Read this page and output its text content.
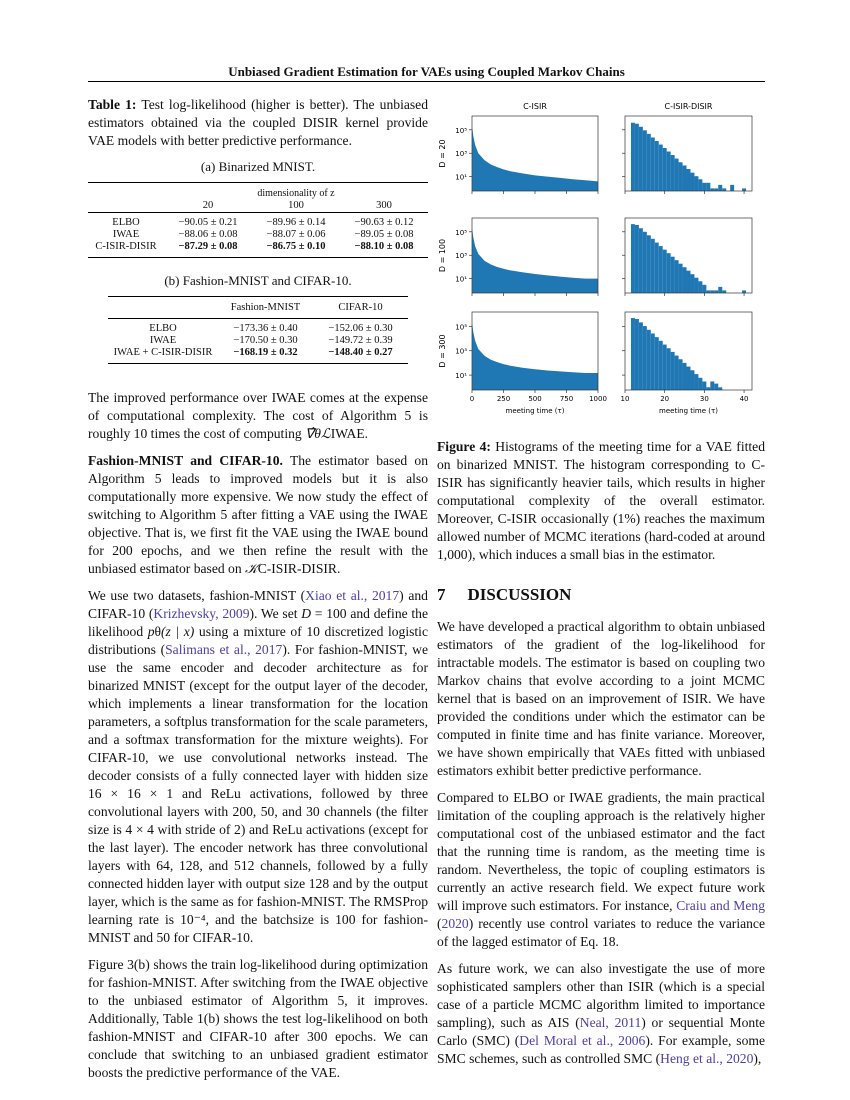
Unbiased Gradient Estimation for VAEs using Coupled Markov Chains
Table 1: Test log-likelihood (higher is better). The unbiased estimators obtained via the coupled DISIR kernel provide VAE models with better predictive performance.
(a) Binarized MNIST.
	dimensionality of z		
	20	100	300
ELBO	−90.05 ± 0.21	−89.96 ± 0.14	−90.63 ± 0.12
IWAE	−88.06 ± 0.08	−88.07 ± 0.06	−89.05 ± 0.08
C-ISIR-DISIR	−87.29 ± 0.08	−86.75 ± 0.10	−88.10 ± 0.08
(b) Fashion-MNIST and CIFAR-10.
	Fashion-MNIST	CIFAR-10
ELBO	−173.36 ± 0.40	−152.06 ± 0.30
IWAE	−170.50 ± 0.30	−149.72 ± 0.39
IWAE + C-ISIR-DISIR	−168.19 ± 0.32	−148.40 ± 0.27

The improved performance over IWAE comes at the expense of computational complexity. The cost of Algorithm 5 is roughly 10 times the cost of computing ∇̂θℒIWAE.

Fashion-MNIST and CIFAR-10. The estimator based on Algorithm 5 leads to improved models but it is also computationally more expensive. We now study the effect of switching to Algorithm 5 after fitting a VAE using the IWAE objective. That is, we first fit the VAE using the IWAE bound for 200 epochs, and we then refine the result with the unbiased estimator based on 𝒦C-ISIR-DISIR.

We use two datasets, fashion-MNIST (Xiao et al., 2017) and CIFAR-10 (Krizhevsky, 2009). We set D = 100 and define the likelihood pθ(z | x) using a mixture of 10 discretized logistic distributions (Salimans et al., 2017). For fashion-MNIST, we use the same encoder and decoder architecture as for binarized MNIST (except for the output layer of the decoder, which implements a linear transformation for the location parameters, a softplus transformation for the scale parameters, and a softmax transformation for the mixture weights). For CIFAR-10, we use convolutional networks instead. The decoder consists of a fully connected layer with hidden size 16 × 16 × 1 and ReLu activations, followed by three convolutional layers with 200, 50, and 30 channels (the filter size is 4 × 4 with stride of 2) and ReLu activations (except for the last layer). The encoder network has three convolutional layers with 64, 128, and 512 channels, followed by a fully connected hidden layer with output size 128 and by the output layer, which is the same as for fashion-MNIST. The RMSProp learning rate is 10⁻⁴, and the batchsize is 100 for fashion-MNIST and 50 for CIFAR-10.

Figure 3(b) shows the train log-likelihood during optimization for fashion-MNIST. After switching from the IWAE objective to the unbiased estimator of Algorithm 5, it improves. Additionally, Table 1(b) shows the test log-likelihood on both fashion-MNIST and CIFAR-10 after 300 epochs. We can conclude that switching to an unbiased gradient estimator boosts the predictive performance of the VAE.

C-ISIR	C-ISIR-DISIR
D = 20
10¹
10³
10⁵
D = 100
10¹
10³
10⁵
D = 300
10¹
10³
10⁵
0	250	500	750 1000 10	20	30	40
meeting time (τ)	meeting time (τ)
Figure 4: Histograms of the meeting time for a VAE fitted on binarized MNIST. The histogram corresponding to C-ISIR has significantly heavier tails, which results in higher computational complexity of the overall estimator. Moreover, C-ISIR occasionally (1%) reaches the maximum allowed number of MCMC iterations (hard-coded at around 1,000), which induces a small bias in the estimator.
7 DISCUSSION

We have developed a practical algorithm to obtain unbiased estimators of the gradient of the log-likelihood for intractable models. The estimator is based on coupling two Markov chains that evolve according to a joint MCMC kernel that is based on an improvement of ISIR. We have provided the conditions under which the estimator can be computed in finite time and has finite variance. Moreover, we have shown empirically that VAEs fitted with unbiased estimators exhibit better predictive performance.

Compared to ELBO or IWAE gradients, the main practical limitation of the coupling approach is the relatively higher computational cost of the unbiased estimator and the fact that the running time is random, as the meeting time is random. Nevertheless, the topic of coupling estimators is currently an active research field. We expect future work will improve such estimators. For instance, Craiu and Meng (2020) recently use control variates to reduce the variance of the lagged estimator of Eq. 18.

As future work, we can also investigate the use of more sophisticated samplers other than ISIR (which is a special case of a particle MCMC algorithm limited to importance sampling), such as AIS (Neal, 2011) or sequential Monte Carlo (SMC) (Del Moral et al., 2006). For example, some SMC schemes, such as controlled SMC (Heng et al., 2020),
